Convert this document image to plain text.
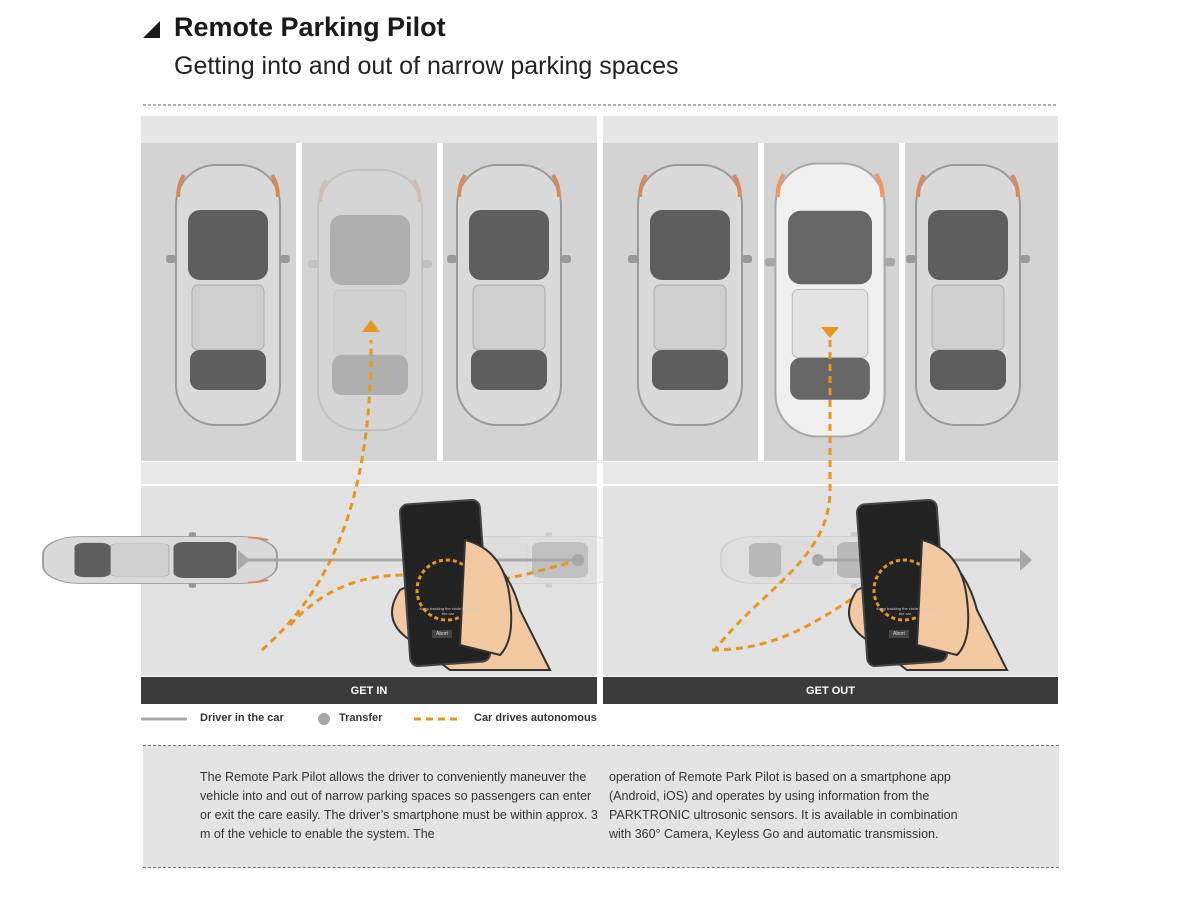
Remote Parking Pilot
Getting into and out of narrow parking spaces
Keep tracking the circle to guide the car
Abort
Keep tracking the circle to guide the car
Abort
GET IN	GET OUT
Driver in the car	Transfer	Car drives autonomous
The Remote Park Pilot allows the driver to conveniently maneuver the vehicle into and out of narrow parking spaces so passengers can enter or exit the care easily. The driver’s smartphone must be within approx. 3 m of the vehicle to enable the system. The
operation of Remote Park Pilot is based on a smartphone app (Android, iOS) and operates by using information from the PARKTRONIC ultrosonic sensors. It is available in combination with 360° Camera, Keyless Go and automatic transmission.
